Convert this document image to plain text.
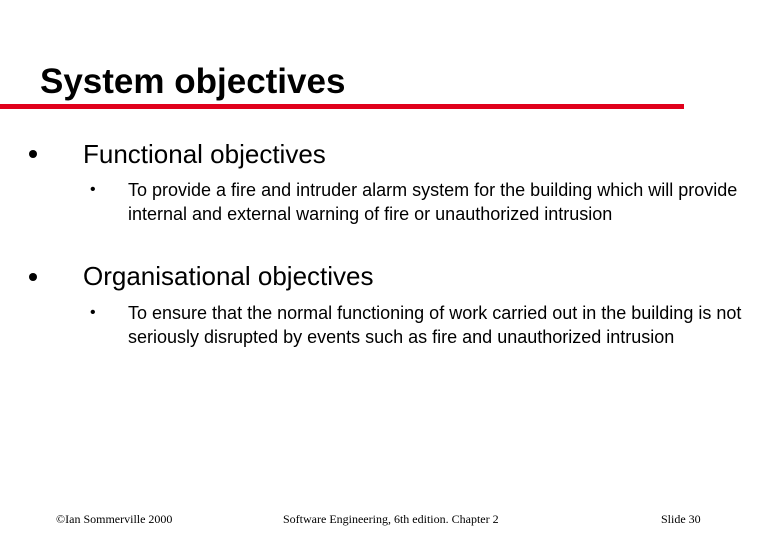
System objectives
Functional objectives
• To provide a fire and intruder alarm system for the building which will provide internal and external warning of fire or unauthorized intrusion
Organisational objectives
• To ensure that the normal functioning of work carried out in the building is not seriously disrupted by events such as fire and unauthorized intrusion
©Ian Sommerville 2000	Software Engineering, 6th edition. Chapter 2	Slide 30
